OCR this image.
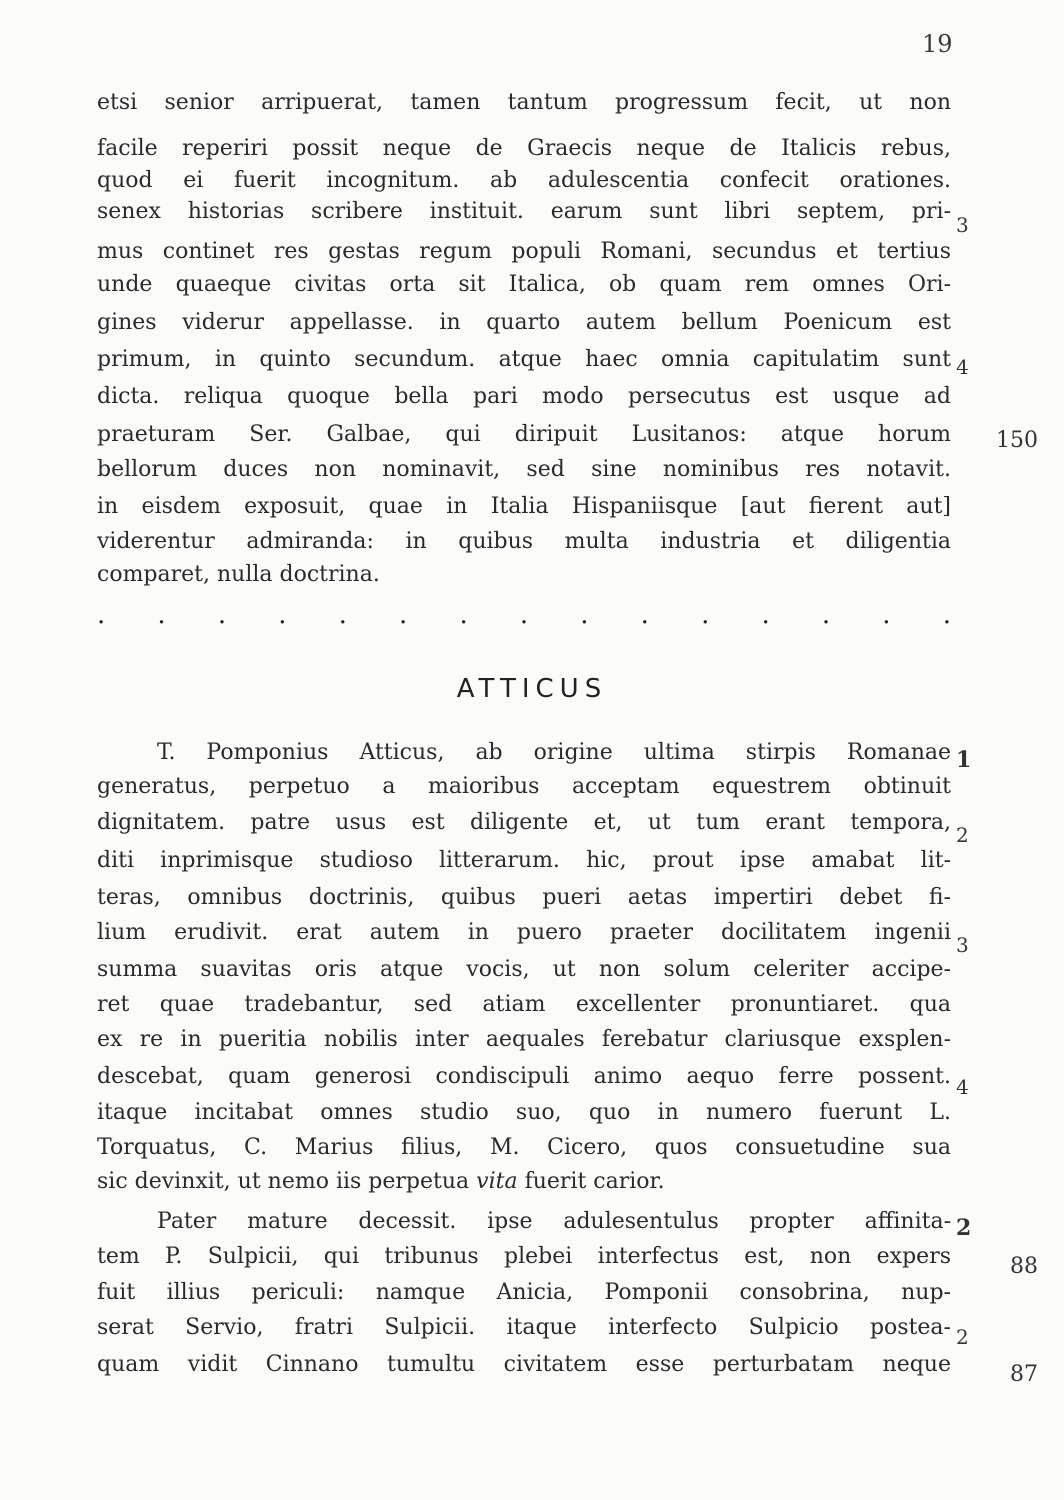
19
etsi senior arripuerat, tamen tantum progressum fecit, ut non
facile reperiri possit neque de Graecis neque de Italicis rebus,
quod ei fuerit incognitum. ab adulescentia confecit orationes.
senex historias scribere instituit. earum sunt libri septem, pri-
mus continet res gestas regum populi Romani, secundus et tertius
unde quaeque civitas orta sit Italica, ob quam rem omnes Ori-
gines viderur appellasse. in quarto autem bellum Poenicum est
primum, in quinto secundum. atque haec omnia capitulatim sunt
dicta. reliqua quoque bella pari modo persecutus est usque ad
praeturam Ser. Galbae, qui diripuit Lusitanos: atque horum
bellorum duces non nominavit, sed sine nominibus res notavit.
in eisdem exposuit, quae in Italia Hispaniisque [aut fierent aut]
viderentur admiranda: in quibus multa industria et diligentia
comparet, nulla doctrina.
3
4
150
. . . . . . . . . . . . . . .
ATTICUS
T. Pomponius Atticus, ab origine ultima stirpis Romanae
generatus, perpetuo a maioribus acceptam equestrem obtinuit
dignitatem. patre usus est diligente et, ut tum erant tempora,
diti inprimisque studioso litterarum. hic, prout ipse amabat lit-
teras, omnibus doctrinis, quibus pueri aetas impertiri debet fi-
lium erudivit. erat autem in puero praeter docilitatem ingenii
summa suavitas oris atque vocis, ut non solum celeriter accipe-
ret quae tradebantur, sed atiam excellenter pronuntiaret. qua
ex re in pueritia nobilis inter aequales ferebatur clariusque exsplen-
descebat, quam generosi condiscipuli animo aequo ferre possent.
itaque incitabat omnes studio suo, quo in numero fuerunt L.
Torquatus, C. Marius filius, M. Cicero, quos consuetudine sua
sic devinxit, ut nemo iis perpetua vita fuerit carior.
1
2
3
4
Pater mature decessit. ipse adulesentulus propter affinita-
tem P. Sulpicii, qui tribunus plebei interfectus est, non expers
fuit illius periculi: namque Anicia, Pomponii consobrina, nup-
serat Servio, fratri Sulpicii. itaque interfecto Sulpicio postea-
quam vidit Cinnano tumultu civitatem esse perturbatam neque
2
2
88
87
